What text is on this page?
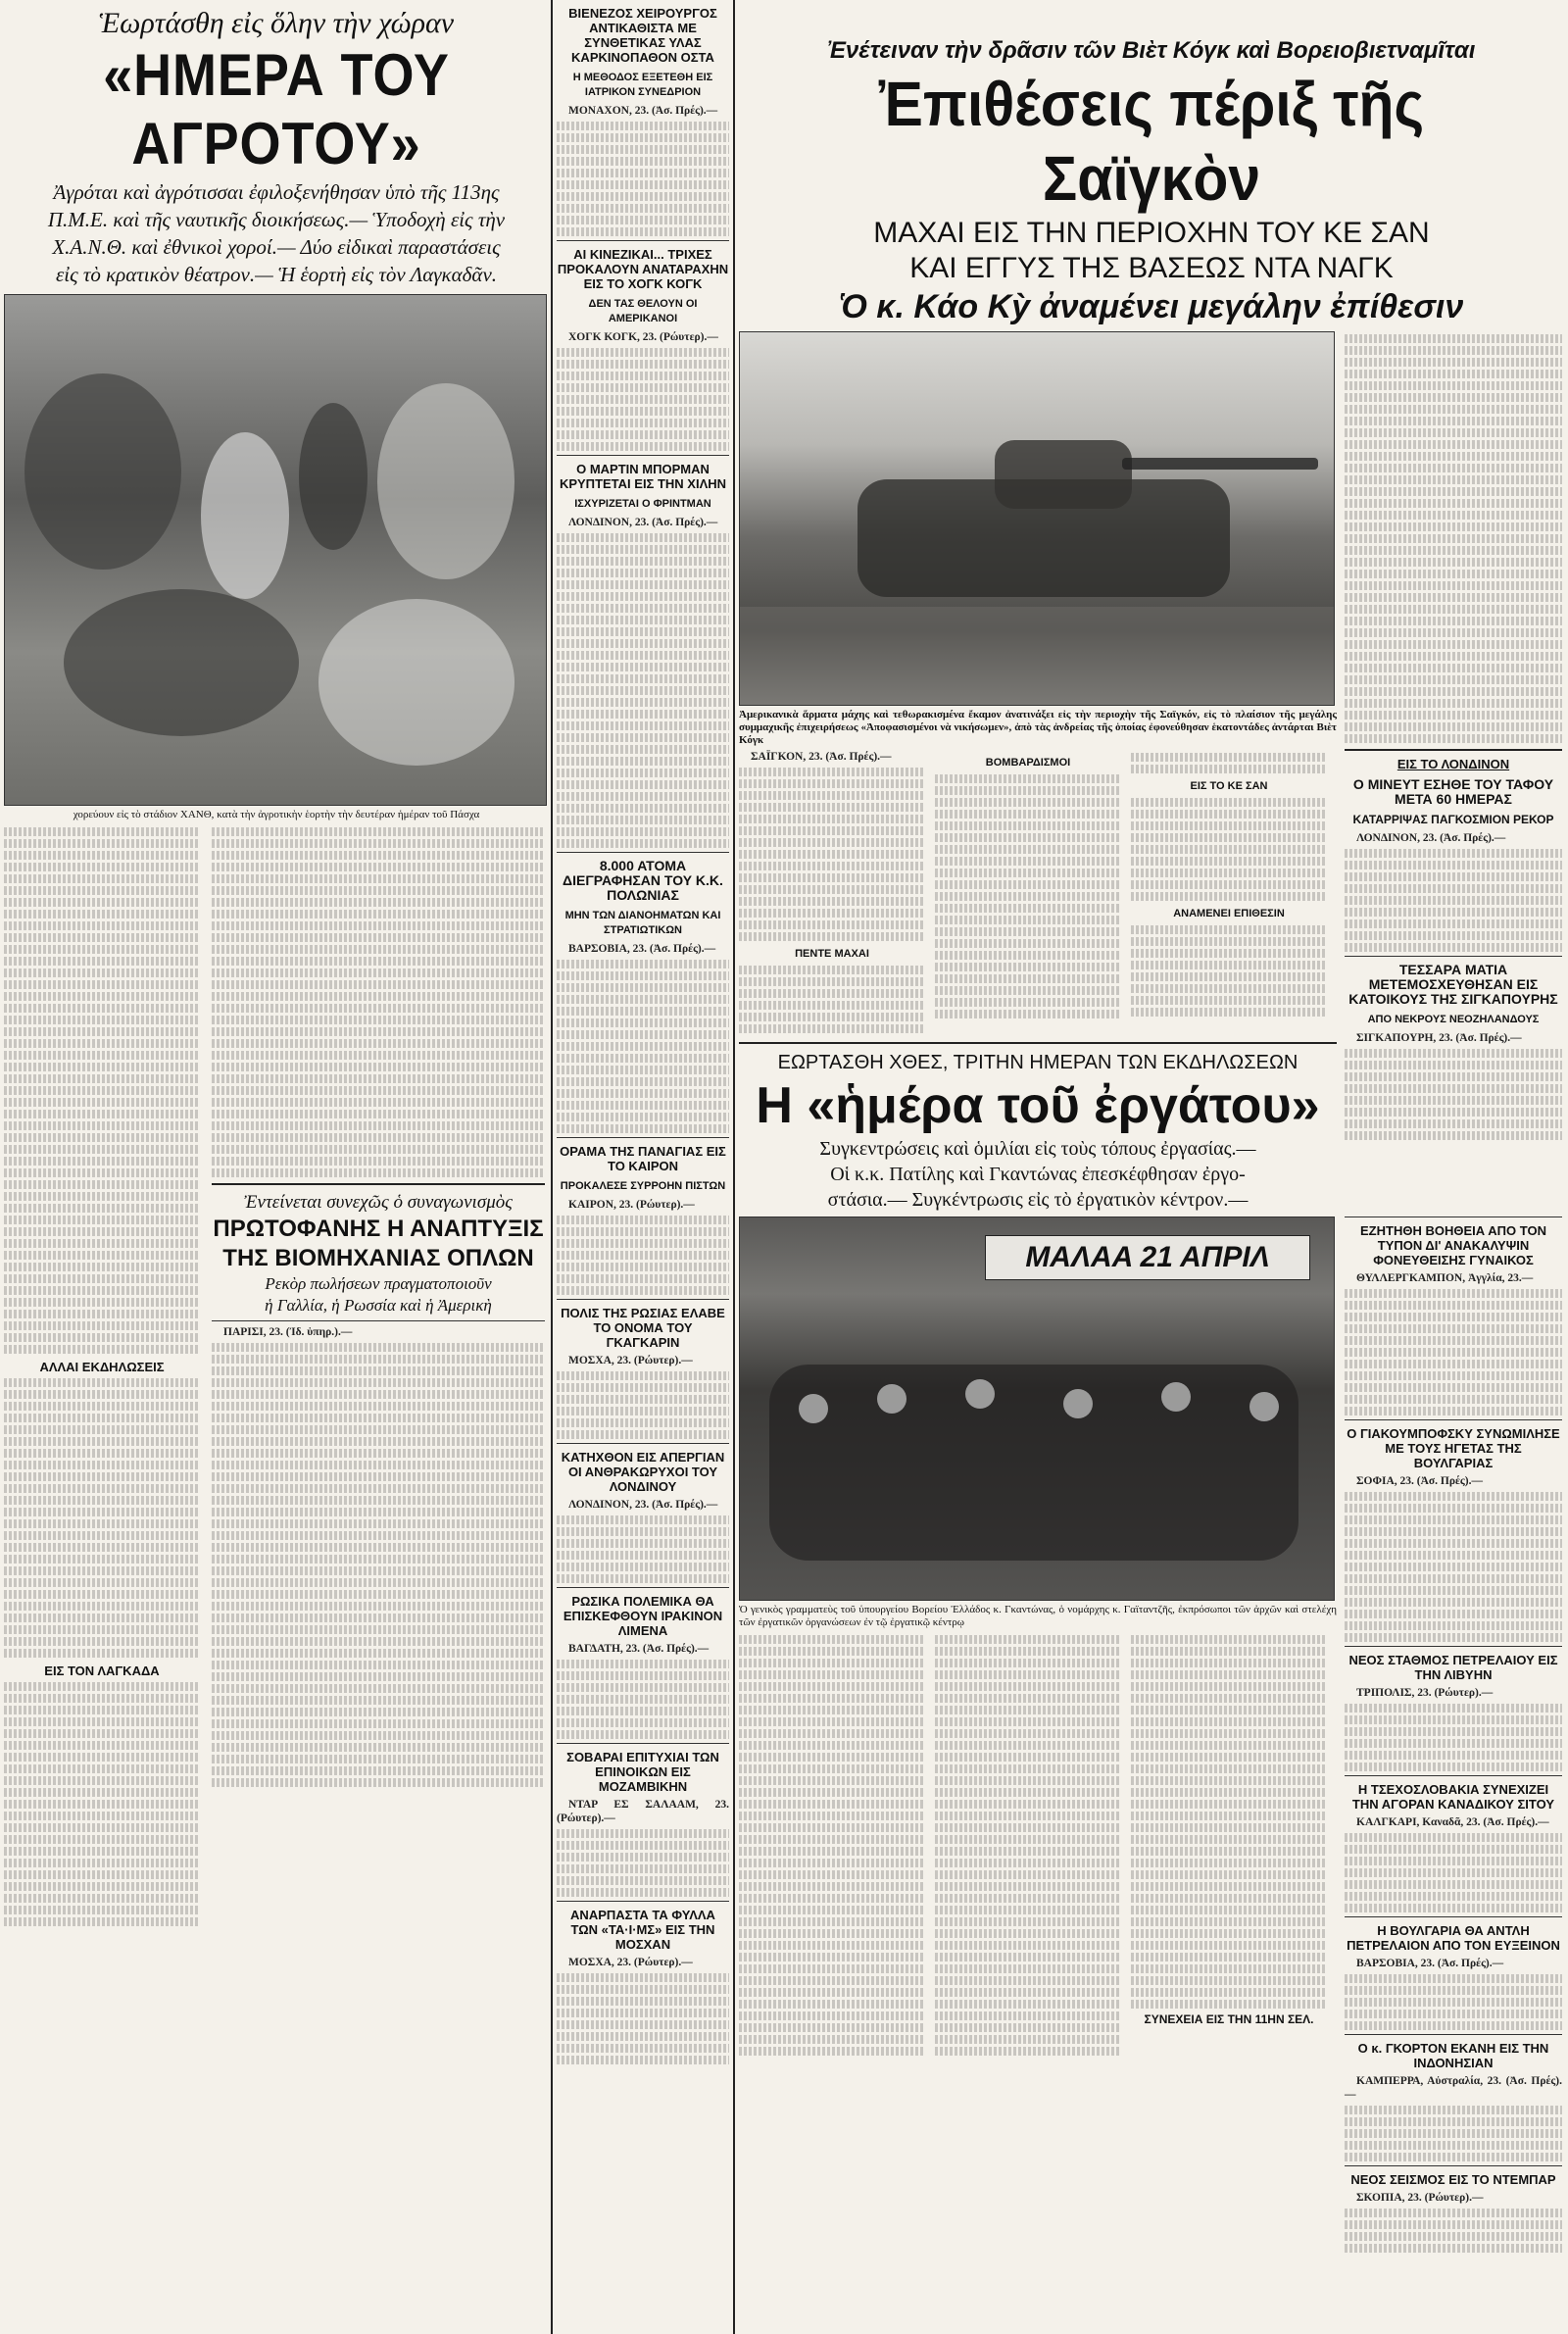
Ἑωρτάσθη εἰς ὅλην τὴν χώραν
«ΗΜΕΡΑ ΤΟΥ ΑΓΡΟΤΟΥ»
Ἀγρόται καὶ ἀγρότισσαι ἐφιλοξενήθησαν ὑπὸ τῆς 113ης
Π.Μ.Ε. καὶ τῆς ναυτικῆς διοικήσεως.— Ὑποδοχὴ εἰς τὴν
Χ.Α.Ν.Θ. καὶ ἐθνικοὶ χοροί.— Δύο εἰδικαὶ παραστάσεις
εἰς τὸ κρατικὸν θέατρον.— Ἡ ἑορτὴ εἰς τὸν Λαγκαδᾶν.
χορεύουν εἰς τὸ στάδιον ΧΑΝΘ, κατὰ τὴν ἀγροτικὴν ἑορτὴν τὴν δευτέραν ἡμέραν τοῦ Πάσχα
ΑΛΛΑΙ ΕΚΔΗΛΩΣΕΙΣ
ΕΙΣ ΤΟΝ ΛΑΓΚΑΔΑ
Ἐντείνεται συνεχῶς ὁ συναγωνισμὸς
ΠΡΩΤΟΦΑΝΗΣ Η ΑΝΑΠΤΥΞΙΣ
ΤΗΣ ΒΙΟΜΗΧΑΝΙΑΣ ΟΠΛΩΝ
Ρεκὸρ πωλήσεων πραγματοποιοῦν
ἡ Γαλλία, ἡ Ρωσσία καὶ ἡ Ἀμερικὴ
ΠΑΡΙΣΙ, 23. (Ἰδ. ὑπηρ.).—
ΒΙΕΝΕΖΟΣ ΧΕΙΡΟΥΡΓΟΣ ΑΝΤΙΚΑΘΙΣΤΑ ΜΕ ΣΥΝΘΕΤΙΚΑΣ ΥΛΑΣ ΚΑΡΚΙΝΟΠΑΘΟΝ ΟΣΤΑ
Η ΜΕΘΟΔΟΣ ΕΞΕΤΕΘΗ ΕΙΣ ΙΑΤΡΙΚΟΝ ΣΥΝΕΔΡΙΟΝ
ΜΟΝΑΧΟΝ, 23. (Ἀσ. Πρές).—
ΑΙ ΚΙΝΕΖΙΚΑΙ... ΤΡΙΧΕΣ ΠΡΟΚΑΛΟΥΝ ΑΝΑΤΑΡΑΧΗΝ ΕΙΣ ΤΟ ΧΟΓΚ ΚΟΓΚ
ΔΕΝ ΤΑΣ ΘΕΛΟΥΝ ΟΙ ΑΜΕΡΙΚΑΝΟΙ
ΧΟΓΚ ΚΟΓΚ, 23. (Ρώυτερ).—
Ο ΜΑΡΤΙΝ ΜΠΟΡΜΑΝ ΚΡΥΠΤΕΤΑΙ ΕΙΣ ΤΗΝ ΧΙΛΗΝ
ΙΣΧΥΡΙΖΕΤΑΙ Ο ΦΡΙΝΤΜΑΝ
ΛΟΝΔΙΝΟΝ, 23. (Ἀσ. Πρές).—
8.000 ΑΤΟΜΑ ΔΙΕΓΡΑΦΗΣΑΝ ΤΟΥ Κ.Κ. ΠΟΛΩΝΙΑΣ
ΜΗΝ ΤΩΝ ΔΙΑΝΟΗΜΑΤΩΝ ΚΑΙ ΣΤΡΑΤΙΩΤΙΚΩΝ
ΒΑΡΣΟΒΙΑ, 23. (Ἀσ. Πρές).—
ΟΡΑΜΑ ΤΗΣ ΠΑΝΑΓΙΑΣ ΕΙΣ ΤΟ ΚΑΙΡΟΝ
ΠΡΟΚΑΛΕΣΕ ΣΥΡΡΟΗΝ ΠΙΣΤΩΝ
ΚΑΙΡΟΝ, 23. (Ρώυτερ).—
ΠΟΛΙΣ ΤΗΣ ΡΩΣΙΑΣ ΕΛΑΒΕ ΤΟ ΟΝΟΜΑ ΤΟΥ ΓΚΑΓΚΑΡΙΝ
ΜΟΣΧΑ, 23. (Ρώυτερ).—
ΚΑΤΗΧΘΟΝ ΕΙΣ ΑΠΕΡΓΙΑΝ ΟΙ ΑΝΘΡΑΚΩΡΥΧΟΙ ΤΟΥ ΛΟΝΔΙΝΟΥ
ΛΟΝΔΙΝΟΝ, 23. (Ἀσ. Πρές).—
ΡΩΣΙΚΑ ΠΟΛΕΜΙΚΑ ΘΑ ΕΠΙΣΚΕΦΘΟΥΝ ΙΡΑΚΙΝΟΝ ΛΙΜΕΝΑ
ΒΑΓΔΑΤΗ, 23. (Ἀσ. Πρές).—
ΣΟΒΑΡΑΙ ΕΠΙΤΥΧΙΑΙ ΤΩΝ ΕΠΙΝΟΙΚΩΝ ΕΙΣ ΜΟΖΑΜΒΙΚΗΝ
ΝΤΑΡ ΕΣ ΣΑΛΑΑΜ, 23. (Ρώυτερ).—
ΑΝΑΡΠΑΣΤΑ ΤΑ ΦΥΛΛΑ ΤΩΝ «ΤΑ·Ι·ΜΣ» ΕΙΣ ΤΗΝ ΜΟΣΧΑΝ
ΜΟΣΧΑ, 23. (Ρώυτερ).—
Ἐνέτειναν τὴν δρᾶσιν τῶν Βιὲτ Κόγκ καὶ Βορειοβιετναμῖται
Ἐπιθέσεις πέριξ τῆς Σαϊγκὸν
ΜΑΧΑΙ ΕΙΣ ΤΗΝ ΠΕΡΙΟΧΗΝ ΤΟΥ ΚΕ ΣΑΝ
ΚΑΙ ΕΓΓΥΣ ΤΗΣ ΒΑΣΕΩΣ ΝΤΑ ΝΑΓΚ
Ὁ κ. Κάο Κỳ ἀναμένει μεγάλην ἐπίθεσιν
Ἀμερικανικὰ ἅρματα μάχης καὶ τεθωρακισμένα ἔκαμον ἀνατινάξει εἰς τὴν περιοχὴν τῆς Σαϊγκόν, εἰς τὸ πλαίσιον τῆς μεγάλης συμμαχικῆς ἐπιχειρήσεως «Ἀποφασισμένοι νὰ νικήσωμεν», ἀπὸ τὰς ἀνδρείας τῆς ὁποίας ἐφονεύθησαν ἑκατοντάδες ἀντάρται Βιὲτ Κόγκ
ΣΑΪΓΚΟΝ, 23. (Ἀσ. Πρές).—
ΠΕΝΤΕ ΜΑΧΑΙ
ΒΟΜΒΑΡΔΙΣΜΟΙ
ΕΙΣ ΤΟ ΚΕ ΣΑΝ
ΑΝΑΜΕΝΕΙ ΕΠΙΘΕΣΙΝ
ΕΩΡΤΑΣΘΗ ΧΘΕΣ, ΤΡΙΤΗΝ ΗΜΕΡΑΝ ΤΩΝ ΕΚΔΗΛΩΣΕΩΝ
Η «ἡμέρα τοῦ ἐργάτου»
Συγκεντρώσεις καὶ ὁμιλίαι εἰς τοὺς τόπους ἐργασίας.—
Οἱ κ.κ. Πατίλης καὶ Γκαντώνας ἐπεσκέφθησαν ἐργο-
στάσια.— Συγκέντρωσις εἰς τὸ ἐργατικὸν κέντρον.—
ΕΙΣ ΤΟ ΛΟΝΔΙΝΟΝ
Ο ΜΙΝΕΥΤ ΕΣΗΘΕ ΤΟΥ ΤΑΦΟΥ ΜΕΤΑ 60 ΗΜΕΡΑΣ
ΚΑΤΑΡΡΙΨΑΣ ΠΑΓΚΟΣΜΙΟΝ ΡΕΚΟΡ
ΛΟΝΔΙΝΟΝ, 23. (Ἀσ. Πρές).—
ΤΕΣΣΑΡΑ ΜΑΤΙΑ ΜΕΤΕΜΟΣΧΕΥΘΗΣΑΝ ΕΙΣ ΚΑΤΟΙΚΟΥΣ ΤΗΣ ΣΙΓΚΑΠΟΥΡΗΣ
ΑΠΟ ΝΕΚΡΟΥΣ ΝΕΟΖΗΛΑΝΔΟΥΣ
ΣΙΓΚΑΠΟΥΡΗ, 23. (Ἀσ. Πρές).—
ΜΑΛΑΑ 21 ΑΠΡΙΛ
Ὁ γενικὸς γραμματεὺς τοῦ ὑπουργείου Βορείου Ἑλλάδος κ. Γκαντώνας, ὁ νομάρχης κ. Γαϊταντζῆς, ἐκπρόσωποι τῶν ἀρχῶν καὶ στελέχη τῶν ἐργατικῶν ὀργανώσεων ἐν τῷ ἐργατικῷ κέντρῳ
ΣΥΝΕΧΕΙΑ ΕΙΣ ΤΗΝ 11ΗΝ ΣΕΛ.
ΕΖΗΤΗΘΗ ΒΟΗΘΕΙΑ ΑΠΟ ΤΟΝ ΤΥΠΟΝ ΔΙ' ΑΝΑΚΑΛΥΨΙΝ ΦΟΝΕΥΘΕΙΣΗΣ ΓΥΝΑΙΚΟΣ
ΘΥΛΛΕΡΓΚΑΜΠΟΝ, Ἀγγλία, 23.—
Ο ΓΙΑΚΟΥΜΠΟΦΣΚΥ ΣΥΝΩΜΙΛΗΣΕ ΜΕ ΤΟΥΣ ΗΓΕΤΑΣ ΤΗΣ ΒΟΥΛΓΑΡΙΑΣ
ΣΟΦΙΑ, 23. (Ἀσ. Πρές).—
ΝΕΟΣ ΣΤΑΘΜΟΣ ΠΕΤΡΕΛΑΙΟΥ ΕΙΣ ΤΗΝ ΛΙΒΥΗΝ
ΤΡΙΠΟΛΙΣ, 23. (Ρώυτερ).—
Η ΤΣΕΧΟΣΛΟΒΑΚΙΑ ΣΥΝΕΧΙΖΕΙ ΤΗΝ ΑΓΟΡΑΝ ΚΑΝΑΔΙΚΟΥ ΣΙΤΟΥ
ΚΑΛΓΚΑΡΙ, Καναδᾶ, 23. (Ἀσ. Πρές).—
Η ΒΟΥΛΓΑΡΙΑ ΘΑ ΑΝΤΛΗ ΠΕΤΡΕΛΑΙΟΝ ΑΠΟ ΤΟΝ ΕΥΞΕΙΝΟΝ
ΒΑΡΣΟΒΙΑ, 23. (Ἀσ. Πρές).—
Ο κ. ΓΚΟΡΤΟΝ ΕΚΑΝΗ ΕΙΣ ΤΗΝ ΙΝΔΟΝΗΣΙΑΝ
ΚΑΜΠΕΡΡΑ, Αὐστραλία, 23. (Ἀσ. Πρές).—
ΝΕΟΣ ΣΕΙΣΜΟΣ ΕΙΣ ΤΟ ΝΤΕΜΠΑΡ
ΣΚΟΠΙΑ, 23. (Ρώυτερ).—
